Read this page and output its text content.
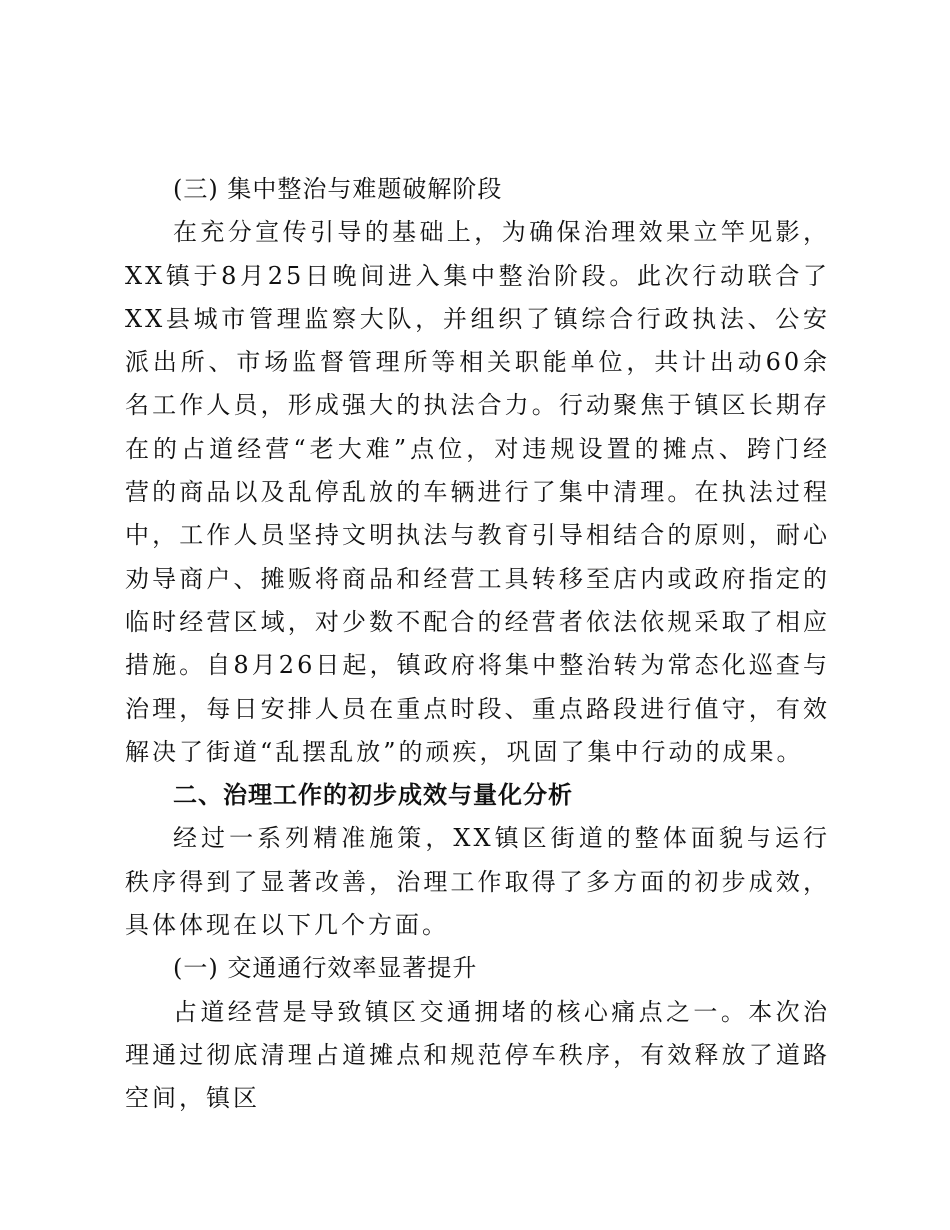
(三) 集中整治与难题破解阶段

在充分宣传引导的基础上，为确保治理效果立竿见影，XX镇于8月25日晚间进入集中整治阶段。此次行动联合了XX县城市管理监察大队，并组织了镇综合行政执法、公安派出所、市场监督管理所等相关职能单位，共计出动60余名工作人员，形成强大的执法合力。行动聚焦于镇区长期存在的占道经营“老大难”点位，对违规设置的摊点、跨门经营的商品以及乱停乱放的车辆进行了集中清理。在执法过程中，工作人员坚持文明执法与教育引导相结合的原则，耐心劝导商户、摊贩将商品和经营工具转移至店内或政府指定的临时经营区域，对少数不配合的经营者依法依规采取了相应措施。自8月26日起，镇政府将集中整治转为常态化巡查与治理，每日安排人员在重点时段、重点路段进行值守，有效解决了街道“乱摆乱放”的顽疾，巩固了集中行动的成果。

二、治理工作的初步成效与量化分析

经过一系列精准施策，XX镇区街道的整体面貌与运行秩序得到了显著改善，治理工作取得了多方面的初步成效，具体体现在以下几个方面。

(一) 交通通行效率显著提升

占道经营是导致镇区交通拥堵的核心痛点之一。本次治理通过彻底清理占道摊点和规范停车秩序，有效释放了道路空间，镇区
